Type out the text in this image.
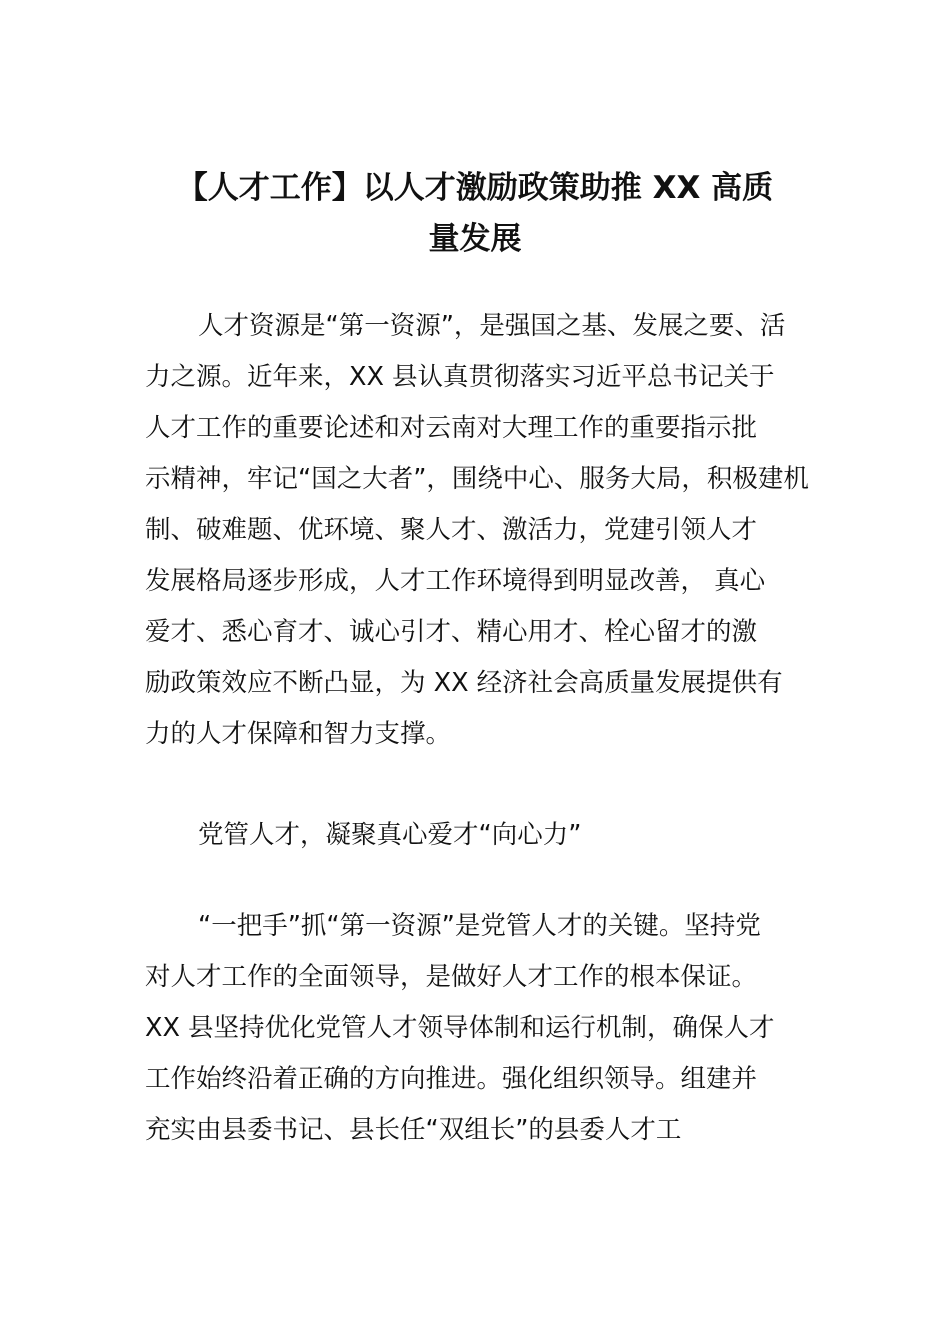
【人才工作】以人才激励政策助推 XX 高质
量发展

人才资源是“第一资源”，是强国之基、发展之要、活

力之源。近年来，XX 县认真贯彻落实习近平总书记关于

人才工作的重要论述和对云南对大理工作的重要指示批

示精神，牢记“国之大者”，围绕中心、服务大局，积极建机

制、破难题、优环境、聚人才、激活力，党建引领人才

发展格局逐步形成，人才工作环境得到明显改善， 真心

爱才、悉心育才、诚心引才、精心用才、栓心留才的激

励政策效应不断凸显，为 XX 经济社会高质量发展提供有

力的人才保障和智力支撑。

党管人才，凝聚真心爱才“向心力”

“一把手”抓“第一资源”是党管人才的关键。坚持党

对人才工作的全面领导，是做好人才工作的根本保证。

XX 县坚持优化党管人才领导体制和运行机制，确保人才

工作始终沿着正确的方向推进。强化组织领导。组建并

充实由县委书记、县长任“双组长”的县委人才工
